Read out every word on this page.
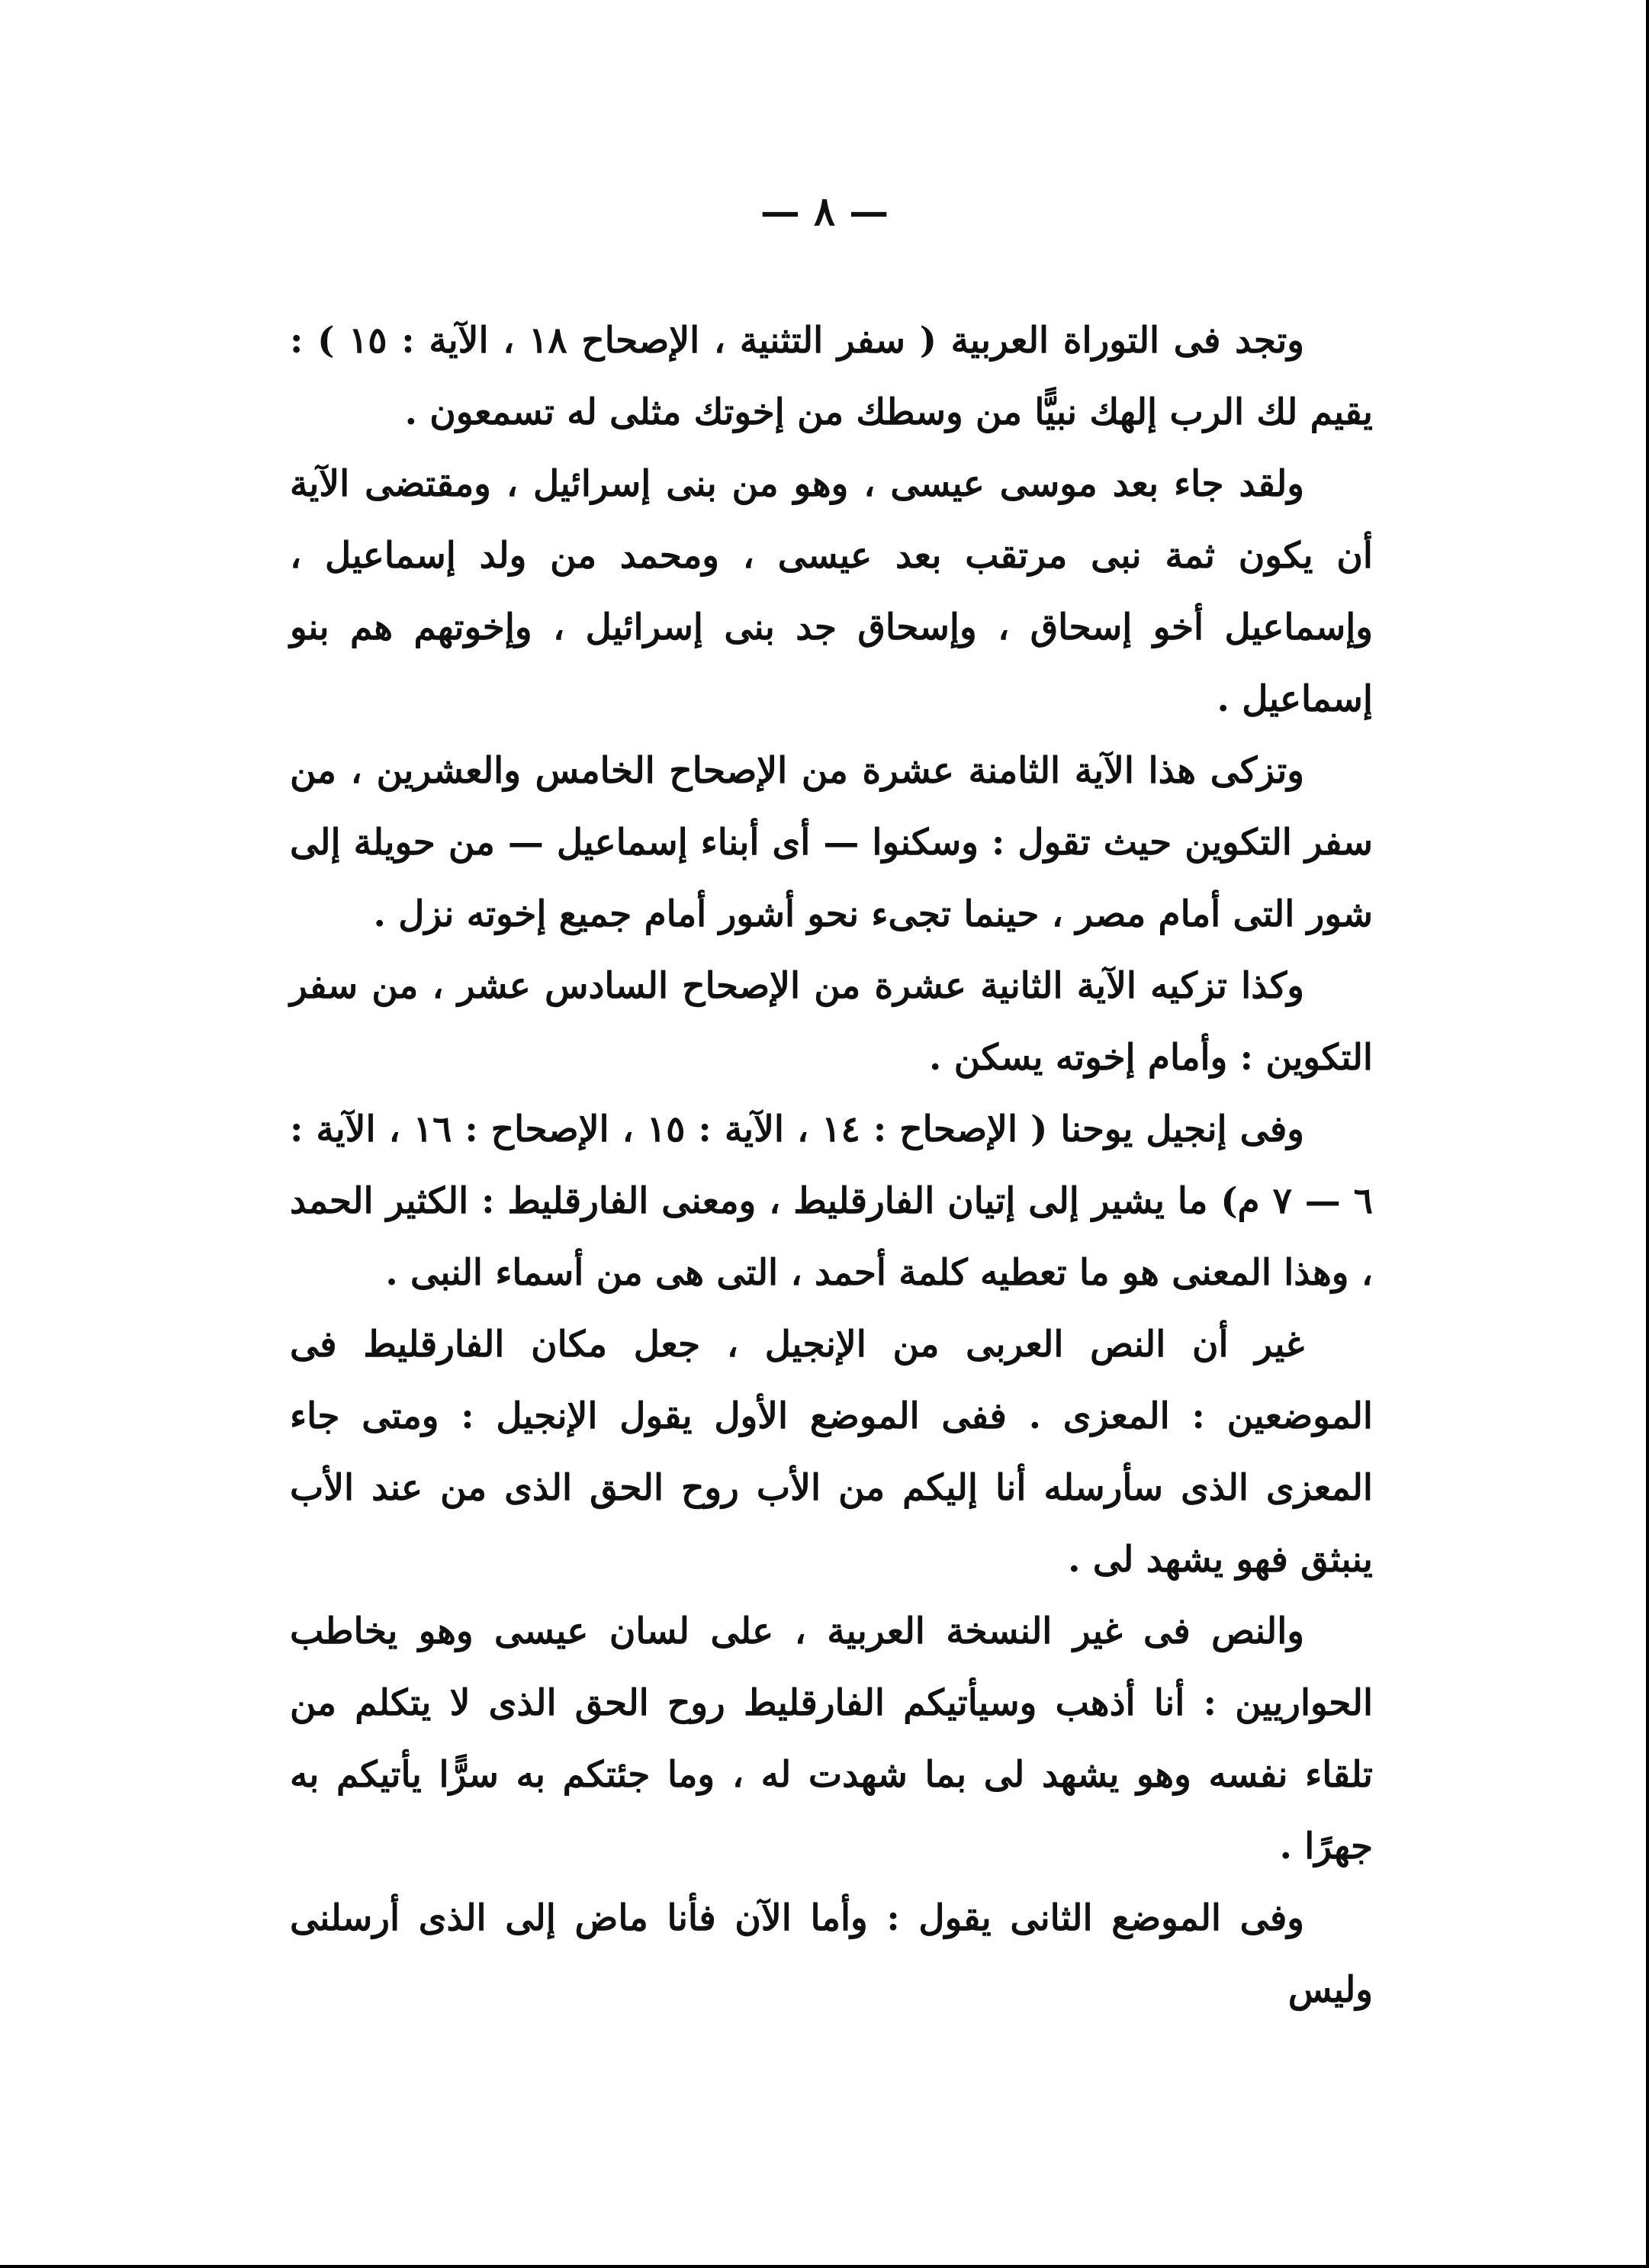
— ٨ —

وتجد فى التوراة العربية ( سفر التثنية ، الإصحاح ١٨ ، الآية : ١٥ ) : يقيم لك الرب إلهك نبيًّا من وسطك من إخوتك مثلى له تسمعون .

ولقد جاء بعد موسى عيسى ، وهو من بنى إسرائيل ، ومقتضى الآية أن يكون ثمة نبى مرتقب بعد عيسى ، ومحمد من ولد إسماعيل ، وإسماعيل أخو إسحاق ، وإسحاق جد بنى إسرائيل ، وإخوتهم هم بنو إسماعيل .

وتزكى هذا الآية الثامنة عشرة من الإصحاح الخامس والعشرين ، من سفر التكوين حيث تقول : وسكنوا — أى أبناء إسماعيل — من حويلة إلى شور التى أمام مصر ، حينما تجىء نحو أشور أمام جميع إخوته نزل .

وكذا تزكيه الآية الثانية عشرة من الإصحاح السادس عشر ، من سفر التكوين : وأمام إخوته يسكن .

وفى إنجيل يوحنا ( الإصحاح : ١٤ ، الآية : ١٥ ، الإصحاح : ١٦ ، الآية : ٦ — ٧ م) ما يشير إلى إتيان الفارقليط ، ومعنى الفارقليط : الكثير الحمد ، وهذا المعنى هو ما تعطيه كلمة أحمد ، التى هى من أسماء النبى .

غير أن النص العربى من الإنجيل ، جعل مكان الفارقليط فى الموضعين : المعزى . ففى الموضع الأول يقول الإنجيل : ومتى جاء المعزى الذى سأرسله أنا إليكم من الأب روح الحق الذى من عند الأب ينبثق فهو يشهد لى .

والنص فى غير النسخة العربية ، على لسان عيسى وهو يخاطب الحواريين : أنا أذهب وسيأتيكم الفارقليط روح الحق الذى لا يتكلم من تلقاء نفسه وهو يشهد لى بما شهدت له ، وما جئتكم به سرًّا يأتيكم به جهرًا .

وفى الموضع الثانى يقول : وأما الآن فأنا ماض إلى الذى أرسلنى وليس
